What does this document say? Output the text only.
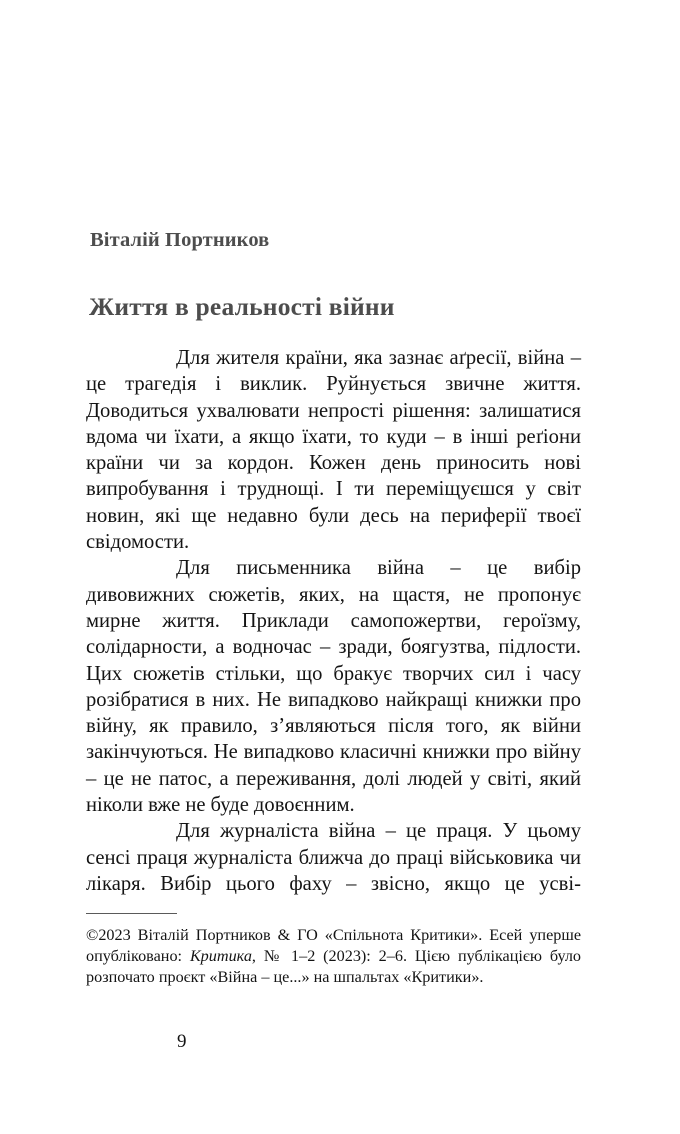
Віталій Портников
Життя в реальності війни

Для жителя країни, яка зазнає аґресії, війна – це трагедія і виклик. Руйнується звичне життя. Доводиться ухвалювати непрості рішення: залишатися вдома чи їхати, а якщо їхати, то куди – в інші реґіони країни чи за кордон. Кожен день приносить нові випробування і труднощі. І ти переміщуєшся у світ новин, які ще недавно були десь на периферії твоєї свідомости.

Для письменника війна – це вибір дивовижних сюжетів, яких, на щастя, не пропонує мирне життя. Приклади самопожертви, героїзму, солідарности, а водночас – зради, боягузтва, підлости. Цих сюжетів стільки, що бракує творчих сил і часу розібратися в них. Не випадково найкращі книжки про війну, як правило, з’являються після того, як війни закінчуються. Не випадково класичні книжки про війну – це не патос, а переживання, долі людей у світі, який ніколи вже не буде довоєнним.

Для журналіста війна – це праця. У цьому сенсі праця журналіста ближча до праці військовика чи лікаря. Вибір цього фаху – звісно, якщо це усві-

©2023 Віталій Портников & ГО «Спільнота Критики». Есей уперше опубліковано: Критика, № 1–2 (2023): 2–6. Цією публікацією було розпочато проєкт «Війна – це...» на шпальтах «Критики».
9
